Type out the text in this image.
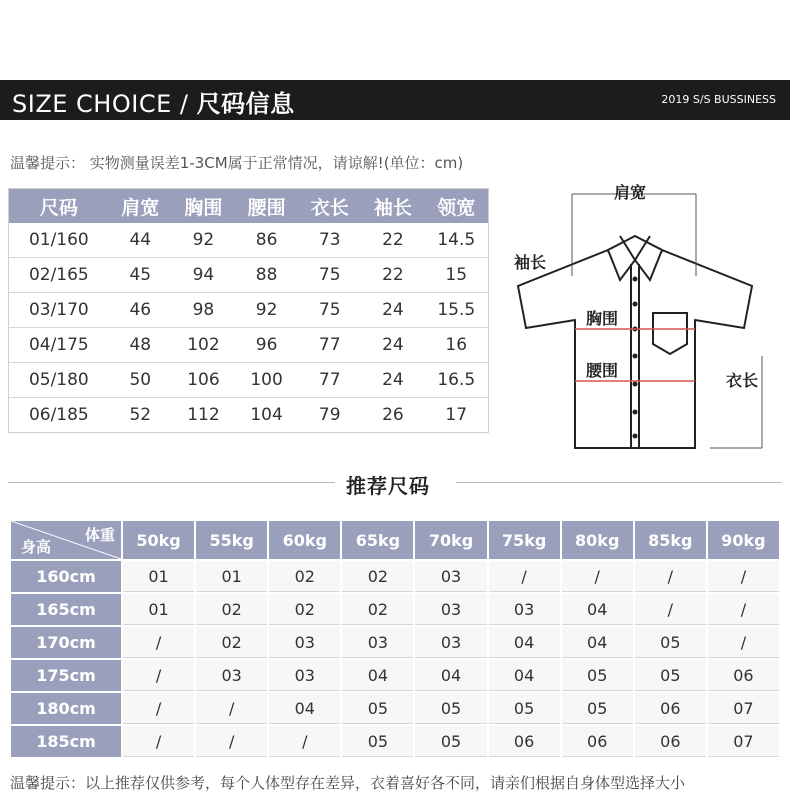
SIZE CHOICE / 尺码信息	2019 S/S BUSSINESS
温馨提示： 实物测量误差1-3CM属于正常情况，请谅解!(单位：cm)
尺码	肩宽	胸围	腰围	衣长	袖长	领宽
01/160	44	92	86	73	22	14.5
02/165	45	94	88	75	22	15
03/170	46	98	92	75	24	15.5
04/175	48	102	96	77	24	16
05/180	50	106	100	77	24	16.5
06/185	52	112	104	79	26	17
肩宽
袖长
胸围
腰围
衣长
推荐尺码
体重
身高	50kg	55kg	60kg	65kg	70kg	75kg	80kg	85kg	90kg
160cm	01	01	02	02	03	/	/	/	/
165cm	01	02	02	02	03	03	04	/	/
170cm	/	02	03	03	03	04	04	05	/
175cm	/	03	03	04	04	04	05	05	06
180cm	/	/	04	05	05	05	05	06	07
185cm	/	/	/	05	05	06	06	06	07
温馨提示：以上推荐仅供参考，每个人体型存在差异，衣着喜好各不同，请亲们根据自身体型选择大小
